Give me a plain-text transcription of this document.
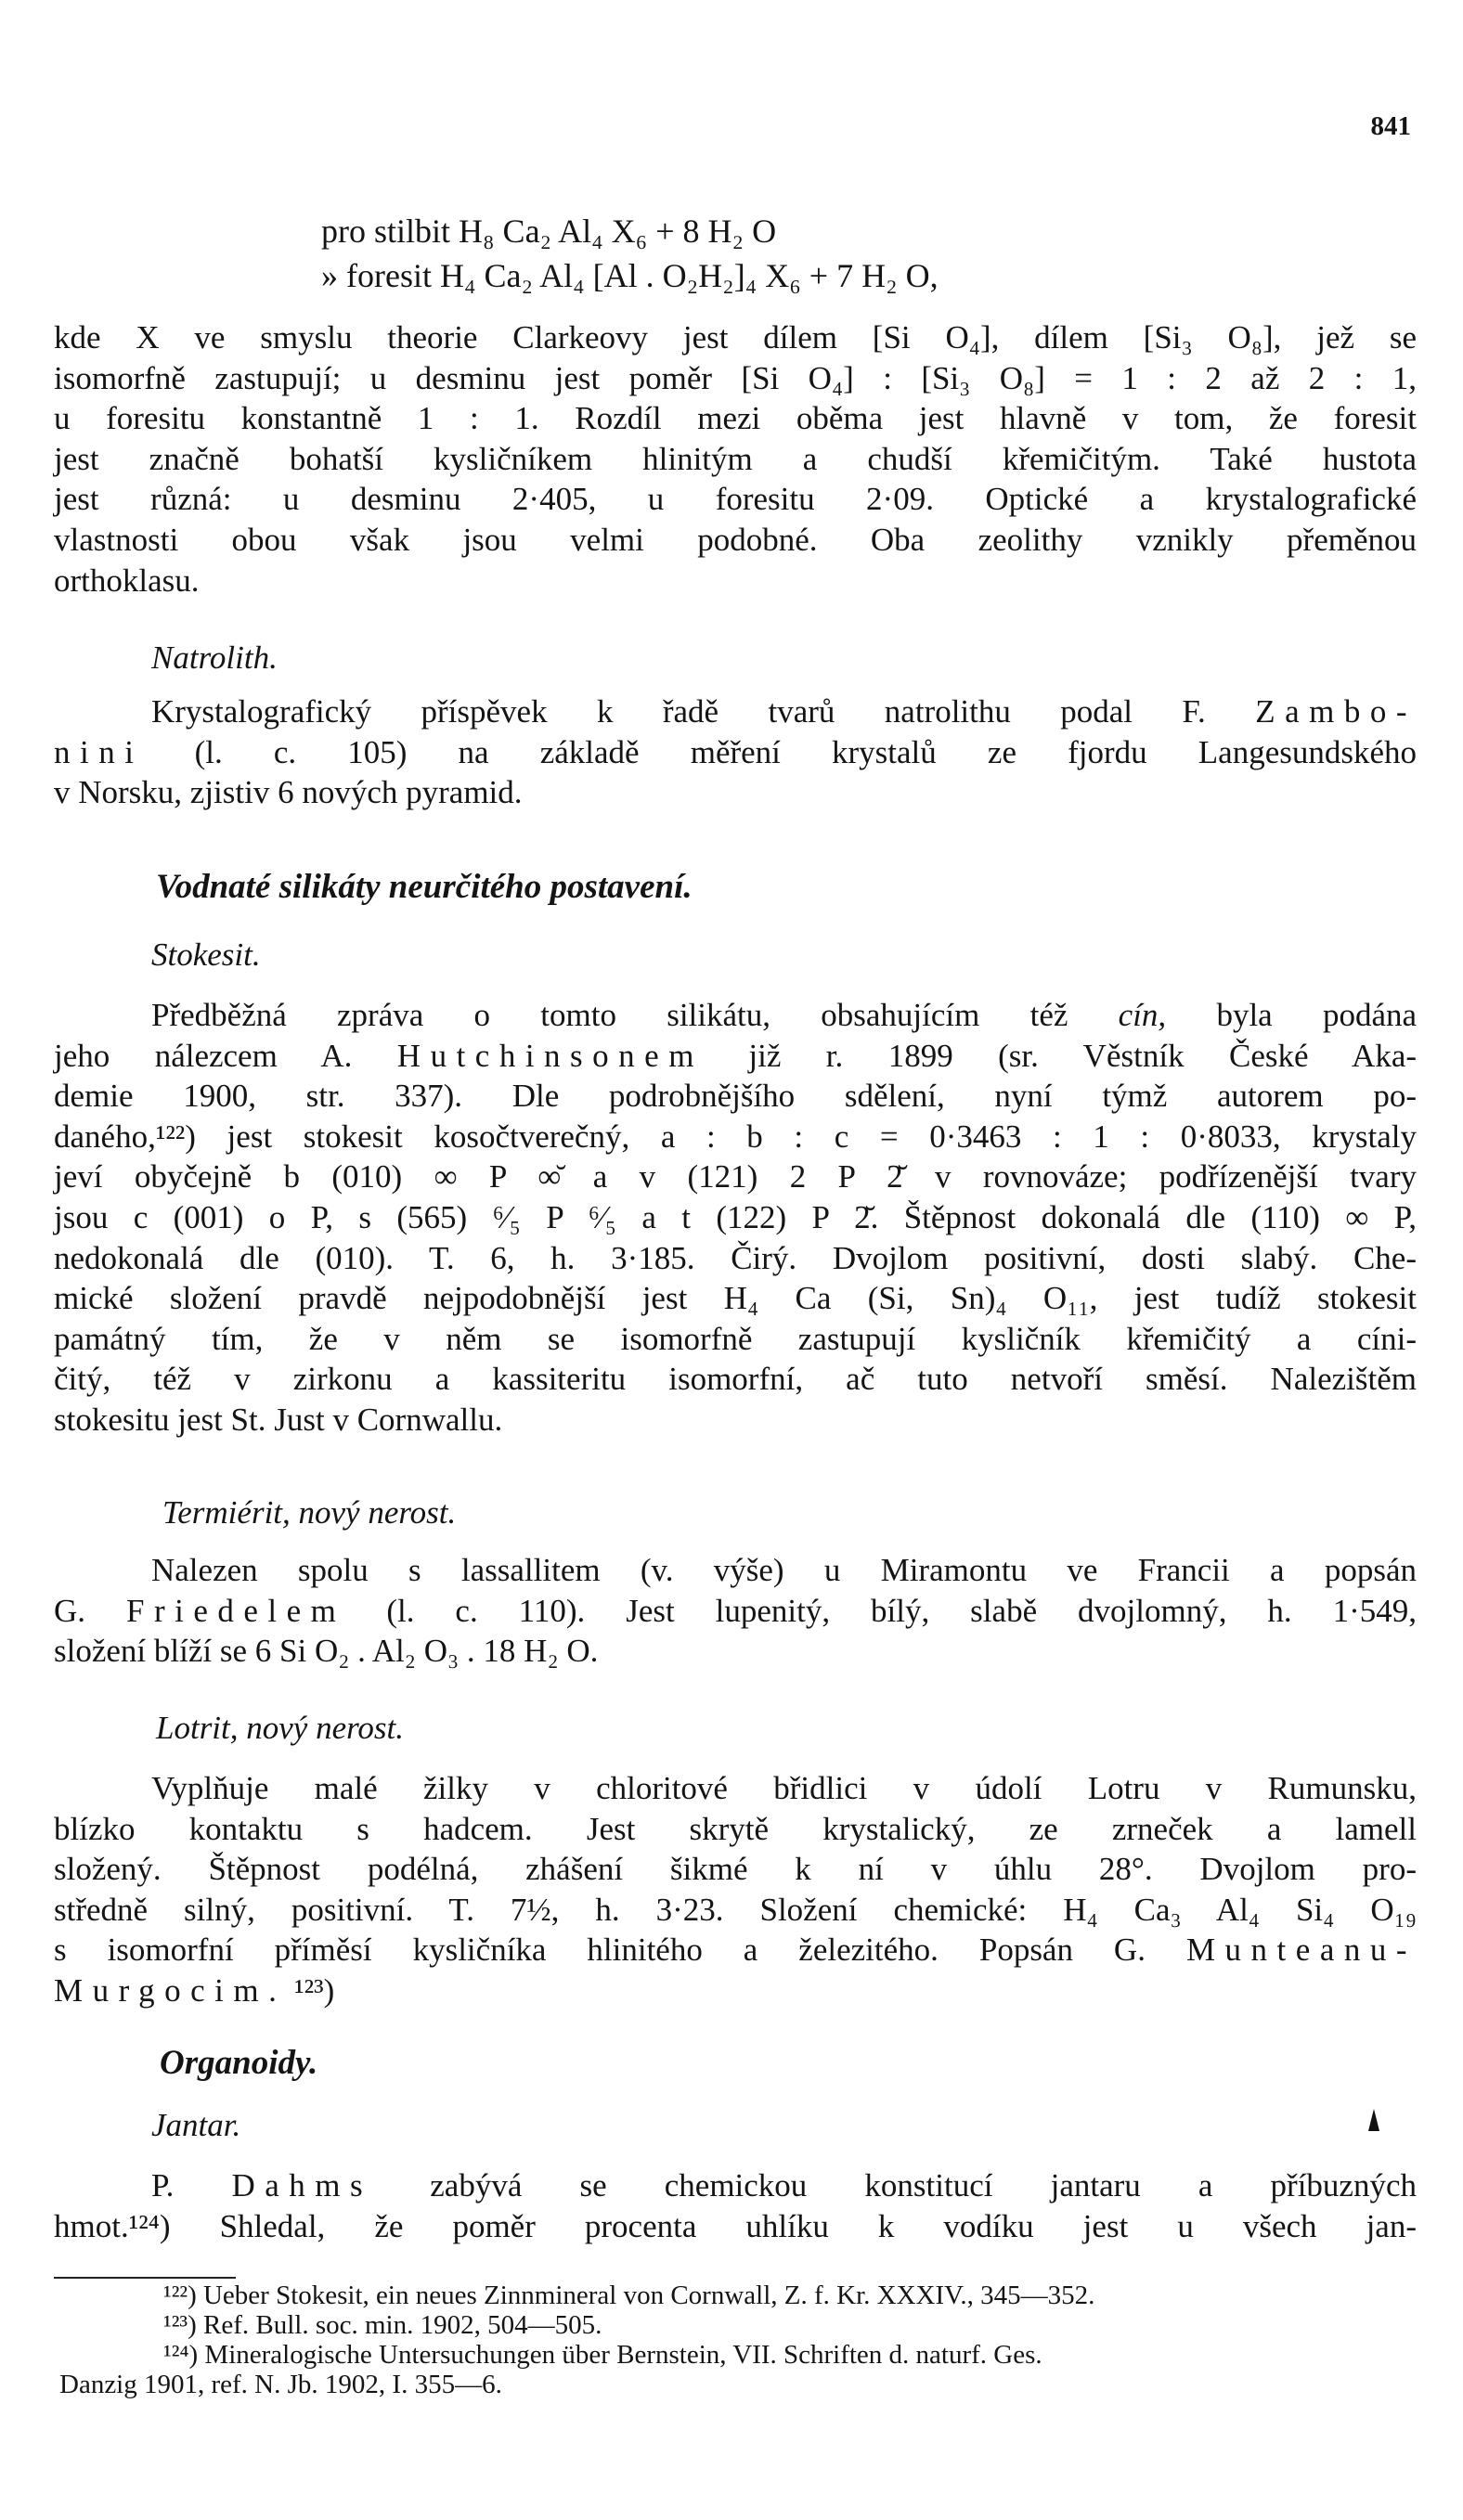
841
pro stilbit H₈ Ca₂ Al₄ X₆ + 8 H₂ O
» foresit H₄ Ca₂ Al₄ [Al . O₂H₂]₄ X₆ + 7 H₂ O,
kde X ve smyslu theorie Clarkeovy jest dílem [Si O₄], dílem [Si₃ O₈], jež se
isomorfně zastupují; u desminu jest poměr [Si O₄] : [Si₃ O₈] = 1 : 2 až 2 : 1,
u foresitu konstantně 1 : 1. Rozdíl mezi oběma jest hlavně v tom, že foresit
jest značně bohatší kysličníkem hlinitým a chudší křemičitým. Také hustota
jest různá: u desminu 2·405, u foresitu 2·09. Optické a krystalografické
vlastnosti obou však jsou velmi podobné. Oba zeolithy vznikly přeměnou
orthoklasu.
Natrolith.
Krystalografický příspěvek k řadě tvarů natrolithu podal F. Zambo-
nini (l. c. 105) na základě měření krystalů ze fjordu Langesundského
v Norsku, zjistiv 6 nových pyramid.
Vodnaté silikáty neurčitého postavení.
Stokesit.
Předběžná zpráva o tomto silikátu, obsahujícím též cín, byla podána
jeho nálezcem A. Hutchinsonem již r. 1899 (sr. Věstník České Aka-
demie 1900, str. 337). Dle podrobnějšího sdělení, nyní týmž autorem po-
daného,¹²²) jest stokesit kosočtverečný, a : b : c = 0·3463 : 1 : 0·8033, krystaly
jeví obyčejně b (010) ∞ P ∞̆ a v (121) 2 P 2̆ v rovnováze; podřízenější tvary
jsou c (001) o P, s (565) ⁶⁄₅ P ⁶⁄₅ a t (122) P 2̆. Štěpnost dokonalá dle (110) ∞ P,
nedokonalá dle (010). T. 6, h. 3·185. Čirý. Dvojlom positivní, dosti slabý. Che-
mické složení pravdě nejpodobnější jest H₄ Ca (Si, Sn)₄ O₁₁, jest tudíž stokesit
památný tím, že v něm se isomorfně zastupují kysličník křemičitý a cíni-
čitý, též v zirkonu a kassiteritu isomorfní, ač tuto netvoří směsí. Nalezištěm
stokesitu jest St. Just v Cornwallu.
Termiérit, nový nerost.
Nalezen spolu s lassallitem (v. výše) u Miramontu ve Francii a popsán
G. Friedelem (l. c. 110). Jest lupenitý, bílý, slabě dvojlomný, h. 1·549,
složení blíží se 6 Si O₂ . Al₂ O₃ . 18 H₂ O.
Lotrit, nový nerost.
Vyplňuje malé žilky v chloritové břidlici v údolí Lotru v Rumunsku,
blízko kontaktu s hadcem. Jest skrytě krystalický, ze zrneček a lamell
složený. Štěpnost podélná, zhášení šikmé k ní v úhlu 28°. Dvojlom pro-
středně silný, positivní. T. 7½, h. 3·23. Složení chemické: H₄ Ca₃ Al₄ Si₄ O₁₉
s isomorfní příměsí kysličníka hlinitého a železitého. Popsán G. Munteanu-
Murgocim. ¹²³)
Organoidy.
Jantar.
P. Dahms zabývá se chemickou konstitucí jantaru a příbuzných
hmot.¹²⁴) Shledal, že poměr procenta uhlíku k vodíku jest u všech jan-
¹²²) Ueber Stokesit, ein neues Zinnmineral von Cornwall, Z. f. Kr. XXXIV., 345—352.
¹²³) Ref. Bull. soc. min. 1902, 504—505.
¹²⁴) Mineralogische Untersuchungen über Bernstein, VII. Schriften d. naturf. Ges.
Danzig 1901, ref. N. Jb. 1902, I. 355—6.
